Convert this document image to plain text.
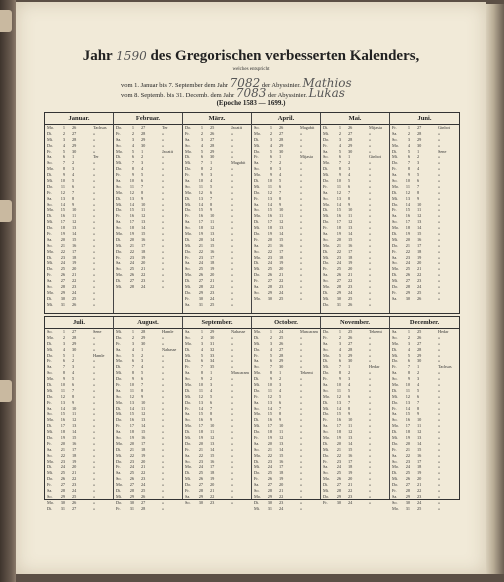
Jahr 1590 des Gregorischen verbesserten Kalenders,
welches entspricht
vom 1. Januar bis 7. September dem Jahr 7082 der Abyssinier. Mathios
vom 8. Septemb. bis 31. Decemb. dem Jahr 7083 der Abyssinier. Lukas
(Epoche 1583 — 1699.)
Januar.
Mo.	1 26	Tachsas
Di.	2 27	»
Mi.	3 28	»
Do.	4 29	»
Fr.	5 30	»
Sa.	6 1	Ter
So.	7 2	»
Mo.	8 3	»
Di.	9 4	»
Mi.	10 5	»
Do.	11 6	»
Fr.	12 7	»
Sa.	13 8	»
So.	14 9	»
Mo.	15 10	»
Di.	16 11	»
Mi.	17 12	»
Do.	18 13	»
Fr.	19 14	»
Sa.	20 15	»
So.	21 16	»
Mo.	22 17	»
Di.	23 18	»
Mi.	24 19	»
Do.	25 20	»
Fr.	26 21	»
Sa.	27 22	»
So.	28 23	»
Mo.	29 24	»
Di.	30 25	»
Mi.	31 26	»
Februar.
Do.	1 27	Ter
Fr.	2 28	»
Sa.	3 29	»
So.	4 30	»
Mo.	5 1	Jacatit
Di.	6 2	»
Mi.	7 3	»
Do.	8 4	»
Fr.	9 5	»
Sa.	10 6	»
So.	11 7	»
Mo.	12 8	»
Di.	13 9	»
Mi.	14 10	»
Do.	15 11	»
Fr.	16 12	»
Sa.	17 13	»
So.	18 14	»
Mo.	19 15	»
Di.	20 16	»
Mi.	21 17	»
Do.	22 18	»
Fr.	23 19	»
Sa.	24 20	»
So.	25 21	»
Mo.	26 22	»
Di.	27 23	»
Mi.	28 24	»
März.
Do.	1 25	Jacatit
Fr.	2 26	»
Sa.	3 27	»
So.	4 28	»
Mo.	5 29	»
Di.	6 30	»
Mi.	7 1	Magabit
Do.	8 2	»
Fr.	9 3	»
Sa.	10 4	»
So.	11 5	»
Mo.	12 6	»
Di.	13 7	»
Mi.	14 8	»
Do.	15 9	»
Fr.	16 10	»
Sa.	17 11	»
So.	18 12	»
Mo.	19 13	»
Di.	20 14	»
Mi.	21 15	»
Do.	22 16	»
Fr.	23 17	»
Sa.	24 18	»
So.	25 19	»
Mo.	26 20	»
Di.	27 21	»
Mi.	28 22	»
Do.	29 23	»
Fr.	30 24	»
Sa.	31 25	»
April.
So.	1 26	Magabit
Mo.	2 27	»
Di.	3 28	»
Mi.	4 29	»
Do.	5 30	»
Fr.	6 1	Mijasia
Sa.	7 2	»
So.	8 3	»
Mo.	9 4	»
Di.	10 5	»
Mi.	11 6	»
Do.	12 7	»
Fr.	13 8	»
Sa.	14 9	»
So.	15 10	»
Mo.	16 11	»
Di.	17 12	»
Mi.	18 13	»
Do.	19 14	»
Fr.	20 15	»
Sa.	21 16	»
So.	22 17	»
Mo.	23 18	»
Di.	24 19	»
Mi.	25 20	»
Do.	26 21	»
Fr.	27 22	»
Sa.	28 23	»
So.	29 24	»
Mo.	30 25	»
Mai.
Di.	1 26	Mijasia
Mi.	2 27	»
Do.	3 28	»
Fr.	4 29	»
Sa.	5 30	»
So.	6 1	Ginbot
Mo.	7 2	»
Di.	8 3	»
Mi.	9 4	»
Do.	10 5	»
Fr.	11 6	»
Sa.	12 7	»
So.	13 8	»
Mo.	14 9	»
Di.	15 10	»
Mi.	16 11	»
Do.	17 12	»
Fr.	18 13	»
Sa.	19 14	»
So.	20 15	»
Mo.	21 16	»
Di.	22 17	»
Mi.	23 18	»
Do.	24 19	»
Fr.	25 20	»
Sa.	26 21	»
So.	27 22	»
Mo.	28 23	»
Di.	29 24	»
Mi.	30 25	»
Do.	31 26	»
Juni.
Fr.	1 27	Ginbot
Sa.	2 28	»
So.	3 29	»
Mo.	4 30	»
Di.	5 1	Sene
Mi.	6 2	»
Do.	7 3	»
Fr.	8 4	»
Sa.	9 5	»
So.	10 6	»
Mo.	11 7	»
Di.	12 8	»
Mi.	13 9	»
Do.	14 10	»
Fr.	15 11	»
Sa.	16 12	»
So.	17 13	»
Mo.	18 14	»
Di.	19 15	»
Mi.	20 16	»
Do.	21 17	»
Fr.	22 18	»
Sa.	23 19	»
So.	24 20	»
Mo.	25 21	»
Di.	26 22	»
Mi.	27 23	»
Do.	28 24	»
Fr.	29 25	»
Sa.	30 26	»
Juli.
So.	1 27	Sene
Mo.	2 28	»
Di.	3 29	»
Mi.	4 30	»
Do.	5 1	Hamle
Fr.	6 2	»
Sa.	7 3	»
So.	8 4	»
Mo.	9 5	»
Di.	10 6	»
Mi.	11 7	»
Do.	12 8	»
Fr.	13 9	»
Sa.	14 10	»
So.	15 11	»
Mo.	16 12	»
Di.	17 13	»
Mi.	18 14	»
Do.	19 15	»
Fr.	20 16	»
Sa.	21 17	»
So.	22 18	»
Mo.	23 19	»
Di.	24 20	»
Mi.	25 21	»
Do.	26 22	»
Fr.	27 23	»
Sa.	28 24	»
So.	29 25	»
Mo.	30 26	»
Di.	31 27	»
August.
Mi.	1 28	Hamle
Do.	2 29	»
Fr.	3 30	»
Sa.	4 1	Nahasse
So.	5 2	»
Mo.	6 3	»
Di.	7 4	»
Mi.	8 5	»
Do.	9 6	»
Fr.	10 7	»
Sa.	11 8	»
So.	12 9	»
Mo.	13 10	»
Di.	14 11	»
Mi.	15 12	»
Do.	16 13	»
Fr.	17 14	»
Sa.	18 15	»
So.	19 16	»
Mo.	20 17	»
Di.	21 18	»
Mi.	22 19	»
Do.	23 20	»
Fr.	24 21	»
Sa.	25 22	»
So.	26 23	»
Mo.	27 24	»
Di.	28 25	»
Mi.	29 26	»
Do.	30 27	»
Fr.	31 28	»
September.
Sa.	1 29	Nahasse
So.	2 30	»
Mo.	3 31	»
Di.	4 32	»
Mi.	5 33	»
Do.	6 34	»
Fr.	7 35	»
Sa.	8 1	Mascaram
So.	9 2	»
Mo.	10 3	»
Di.	11 4	»
Mi.	12 5	»
Do.	13 6	»
Fr.	14 7	»
Sa.	15 8	»
So.	16 9	»
Mo.	17 10	»
Di.	18 11	»
Mi.	19 12	»
Do.	20 13	»
Fr.	21 14	»
Sa.	22 15	»
So.	23 16	»
Mo.	24 17	»
Di.	25 18	»
Mi.	26 19	»
Do.	27 20	»
Fr.	28 21	»
Sa.	29 22	»
So.	30 23	»
October.
Mo.	1 24	Mascaram
Di.	2 25	»
Mi.	3 26	»
Do.	4 27	»
Fr.	5 28	»
Sa.	6 29	»
So.	7 30	»
Mo.	8 1	Tekemt
Di.	9 2	»
Mi.	10 3	»
Do.	11 4	»
Fr.	12 5	»
Sa.	13 6	»
So.	14 7	»
Mo.	15 8	»
Di.	16 9	»
Mi.	17 10	»
Do.	18 11	»
Fr.	19 12	»
Sa.	20 13	»
So.	21 14	»
Mo.	22 15	»
Di.	23 16	»
Mi.	24 17	»
Do.	25 18	»
Fr.	26 19	»
Sa.	27 20	»
So.	28 21	»
Mo.	29 22	»
Di.	30 23	»
Mi.	31 24	»
November.
Do.	1 25	Tekemt
Fr.	2 26	»
Sa.	3 27	»
So.	4 28	»
Mo.	5 29	»
Di.	6 30	»
Mi.	7 1	Hedar
Do.	8 2	»
Fr.	9 3	»
Sa.	10 4	»
So.	11 5	»
Mo.	12 6	»
Di.	13 7	»
Mi.	14 8	»
Do.	15 9	»
Fr.	16 10	»
Sa.	17 11	»
So.	18 12	»
Mo.	19 13	»
Di.	20 14	»
Mi.	21 15	»
Do.	22 16	»
Fr.	23 17	»
Sa.	24 18	»
So.	25 19	»
Mo.	26 20	»
Di.	27 21	»
Mi.	28 22	»
Do.	29 23	»
Fr.	30 24	»
December.
Sa.	1 25	Hedar
So.	2 26	»
Mo.	3 27	»
Di.	4 28	»
Mi.	5 29	»
Do.	6 30	»
Fr.	7 1	Tachsas
Sa.	8 2	»
So.	9 3	»
Mo.	10 4	»
Di.	11 5	»
Mi.	12 6	»
Do.	13 7	»
Fr.	14 8	»
Sa.	15 9	»
So.	16 10	»
Mo.	17 11	»
Di.	18 12	»
Mi.	19 13	»
Do.	20 14	»
Fr.	21 15	»
Sa.	22 16	»
So.	23 17	»
Mo.	24 18	»
Di.	25 19	»
Mi.	26 20	»
Do.	27 21	»
Fr.	28 22	»
Sa.	29 23	»
So.	30 24	»
Mo.	31 25	»
